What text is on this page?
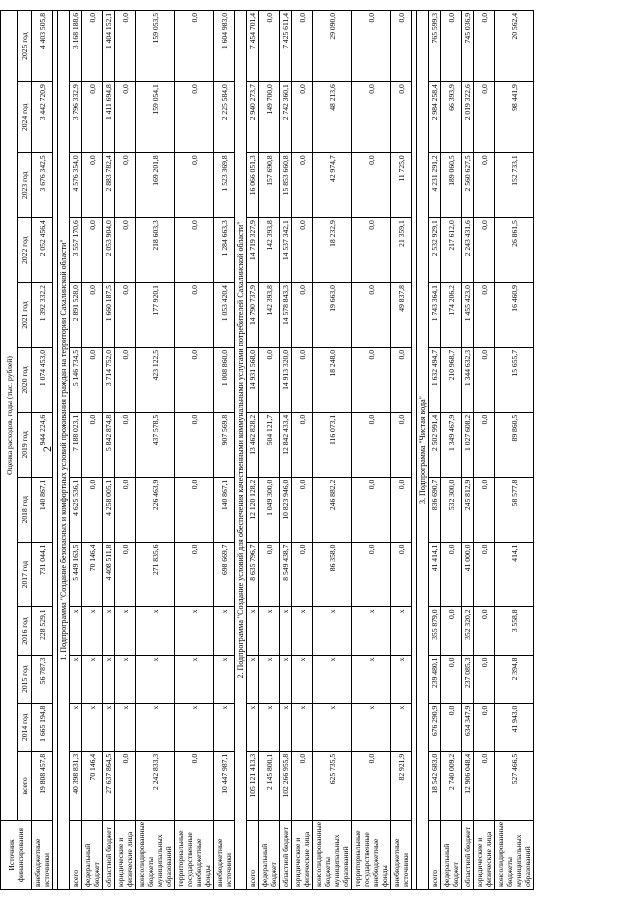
2
Источник финансирования	Оценка расходов, годы (тыс. рублей)												
	всего	2014 год	2015 год	2016 год	2017 год	2018 год	2019 год	2020 год	2021 год	2022 год	2023 год	2024 год	2025 год
внебюджетные источники	19 808 457,8	1 665 194,8	56 787,3	228 529,1	731 044,1	140 867,1	944 224,6	1 074 453,0	1 392 332,2	2 052 456,4	3 676 342,5	3 442 720,9	4 403 505,8

1. Подпрограмма "Создание безопасных и комфортных условий проживания граждан на территории Сахалинской области"													
всего	40 398 831,3	x	x	x	5 449 163,5	4 625 536,1	7 188 023,1	5 146 734,5	2 891 528,0	3 557 170,6	4 576 354,0	3 796 332,9	3 168 188,6
федеральный бюджет	70 146,4	x	x	x	70 146,4	0,0	0,0	0,0	0,0	0,0	0,0	0,0	0,0
областной бюджет	27 637 864,5	x	x	x	4 408 511,8	4 258 005,1	5 842 874,8	3 714 752,0	1 660 187,5	2 053 904,0	2 883 782,4	1 411 694,8	1 404 152,1
юридические и физические лица	0,0	x	x	x	0,0	0,0	0,0	0,0	0,0	0,0	0,0	0,0	0,0
консолидированные бюджеты муниципальных образований	2 242 833,3	x	x	x	271 835,6	226 463,9	437 578,5	423 122,5	177 920,1	218 603,3	169 201,8	159 054,1	159 053,5
территориальные государственные внебюджетные фонды	0,0	x	x	x	0,0	0,0	0,0	0,0	0,0	0,0	0,0	0,0	0,0
внебюджетные источники	10 447 987,1	x	x	x	698 669,7	140 867,1	907 569,8	1 008 860,0	1 053 420,4	1 284 663,3	1 523 369,8	2 225 584,0	1 604 983,0
2. Подпрограмма "Создание условий для обеспечения качественными коммунальными услугами потребителей Сахалинской области"													
всего	105 121 413,3	x	x	x	8 635 796,7	12 120 128,2	13 462 828,2	14 931 568,0	14 790 737,9	14 719 327,9	16 066 051,3	2 940 273,7	7 454 701,4
федеральный бюджет	2 145 800,1	x	x	x	0,0	1 049 300,0	504 121,7	0,0	142 393,8	142 393,8	157 690,8	149 700,0	0,0
областной бюджет	102 266 955,8	x	x	x	8 549 438,7	10 823 946,0	12 842 433,4	14 913 320,0	14 578 843,3	14 537 342,1	15 853 660,8	2 742 360,1	7 425 611,4
юридические и физические лица	0,0	x	x	x	0,0	0,0	0,0	0,0	0,0	0,0	0,0	0,0	0,0
консолидированные бюджеты муниципальных образований	625 735,5	x	x	x	86 358,0	246 882,2	116 073,1	18 248,0	19 663,0	18 232,9	42 974,7	48 213,6	29 090,0
территориальные государственные внебюджетные фонды	0,0	x	x	x	0,0	0,0	0,0	0,0	0,0	0,0	0,0	0,0	0,0
внебюджетные источники	82 921,9	x	x	x	0,0	0,0	0,0	0,0	49 837,8	21 359,1	11 725,0	0,0	0,0

3. Подпрограмма "Чистая вода"													
всего	18 542 683,0	676 290,9	239 480,1	355 879,0	41 414,1	836 690,7	2 502 991,4	1 632 494,7	1 743 364,1	2 532 929,1	4 231 291,2	2 984 258,4	765 599,3
федеральный бюджет	2 740 009,2	0,0	0,0	0,0	0,0	532 300,0	1 349 467,9	210 968,7	174 206,2	217 612,0	189 060,5	66 393,9	0,0
областной бюджет	12 906 048,4	634 347,9	237 085,3	352 320,2	41 000,0	245 812,9	1 027 608,2	1 344 632,3	1 455 423,0	2 243 431,6	2 560 627,5	2 019 322,6	745 036,9
юридические и физические лица	0,0	0,0	0,0	0,0	0,0	0,0	0,0	0,0	0,0	0,0	0,0	0,0	0,0
консолидированные бюджеты муниципальных образований	527 466,5	41 943,0	2 394,8	3 558,8	414,1	58 577,8	89 860,5	15 655,7	16 460,9	26 861,5	152 733,1	98 441,9	20 562,4
